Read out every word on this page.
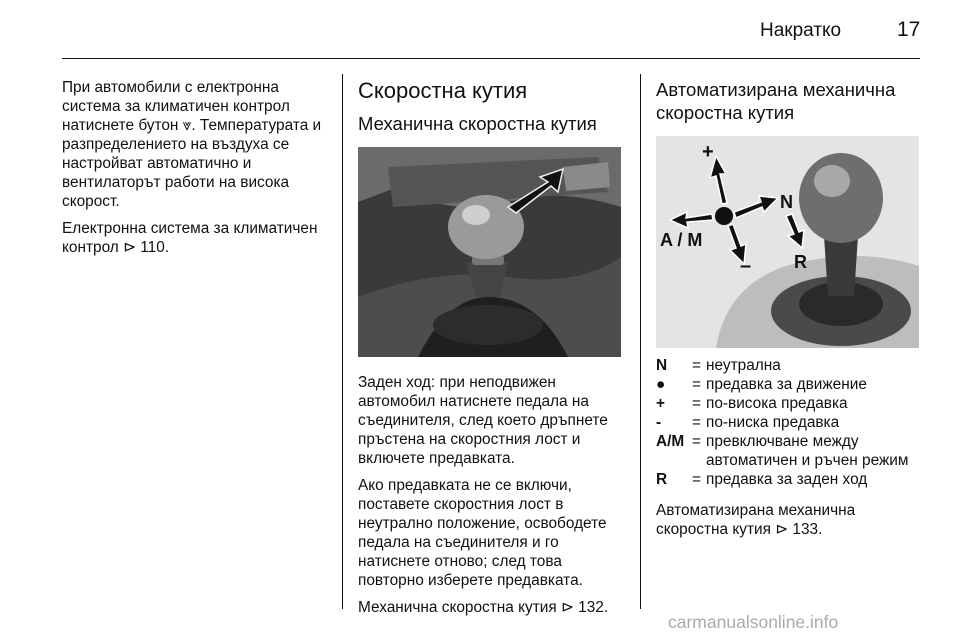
Накратко	17

При автомобили с електронна система за климатичен контрол натиснете бутон ⩔. Температурата и разпределението на въздуха се настройват автоматично и вентилаторът работи на висока скорост.

Електронна система за климатичен контрол ⊳ 110.

Скоростна кутия
Механична скоростна кутия

Заден ход: при неподвижен автомобил натиснете педала на съединителя, след което дръпнете пръстена на скоростния лост и включете предавката.

Ако предавката не се включи, поставете скоростния лост в неутрално положение, освободете педала на съединителя и го натиснете отново; след това повторно изберете предавката.

Механична скоростна кутия ⊳ 132.

Автоматизирана механична скоростна кутия
+
–
N
R
A / M
N	= неутрална
●	= предавка за движение
+	= по-висока предавка
-	= по-ниска предавка
A/M = превключване между автоматичен и ръчен режим
R	= предавка за заден ход

Автоматизирана механична скоростна кутия ⊳ 133.

carmanualsonline.info
